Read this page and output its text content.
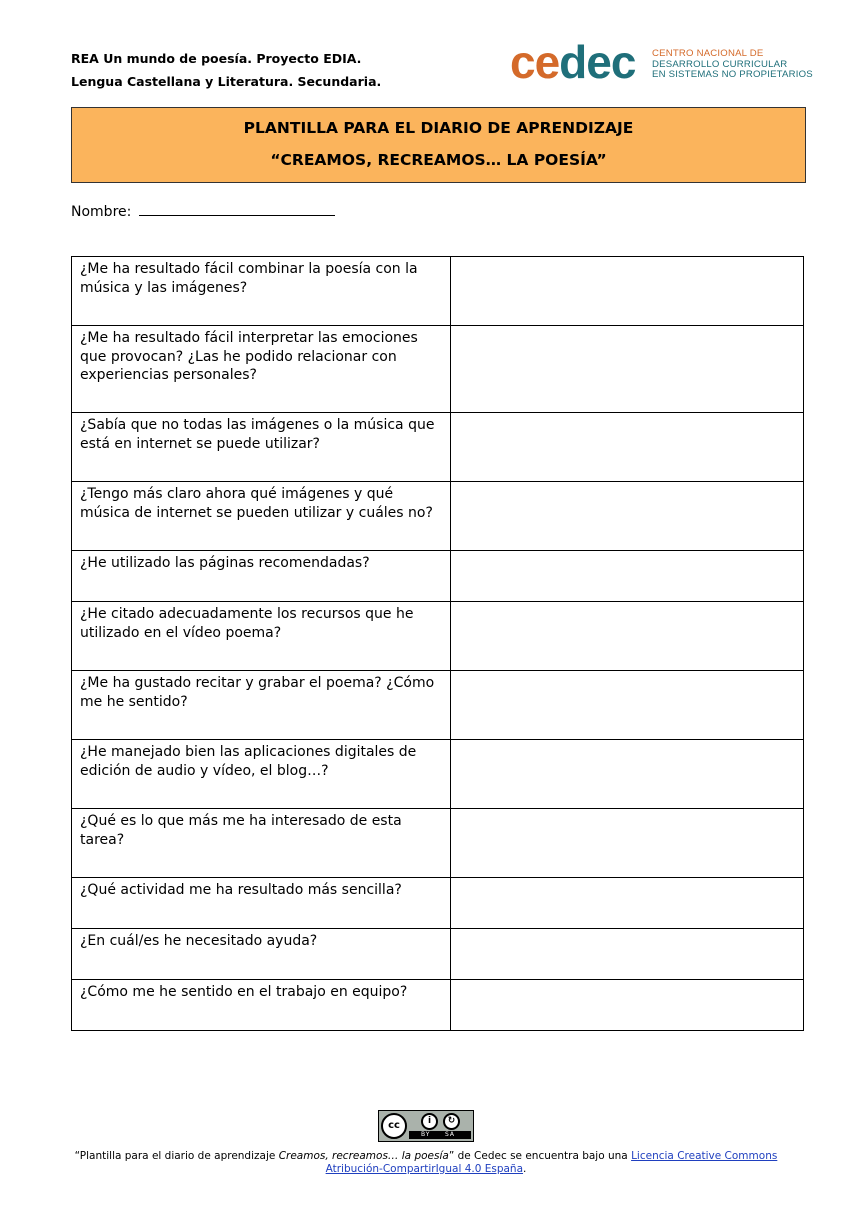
REA Un mundo de poesía. Proyecto EDIA.
Lengua Castellana y Literatura. Secundaria.	cedec CENTRO NACIONAL DE
DESARROLLO CURRICULAR
EN SISTEMAS NO PROPIETARIOS
PLANTILLA PARA EL DIARIO DE APRENDIZAJE
“CREAMOS, RECREAMOS… LA POESÍA”
Nombre:
¿Me ha resultado fácil combinar la poesía con la música y las imágenes?	
¿Me ha resultado fácil interpretar las emociones que provocan? ¿Las he podido relacionar con experiencias personales?	
¿Sabía que no todas las imágenes o la música que está en internet se puede utilizar?	
¿Tengo más claro ahora qué imágenes y qué música de internet se pueden utilizar y cuáles no?	
¿He utilizado las páginas recomendadas?	
¿He citado adecuadamente los recursos que he utilizado en el vídeo poema?	
¿Me ha gustado recitar y grabar el poema? ¿Cómo me he sentido?	
¿He manejado bien las aplicaciones digitales de edición de audio y vídeo, el blog…?	
¿Qué es lo que más me ha interesado de esta tarea?	
¿Qué actividad me ha resultado más sencilla?	
¿En cuál/es he necesitado ayuda?	
¿Cómo me he sentido en el trabajo en equipo?	
cc	i	↻
BY SA
“Plantilla para el diario de aprendizaje Creamos, recreamos… la poesía” de Cedec se encuentra bajo una Licencia Creative Commons Atribución-CompartirIgual 4.0 España.
